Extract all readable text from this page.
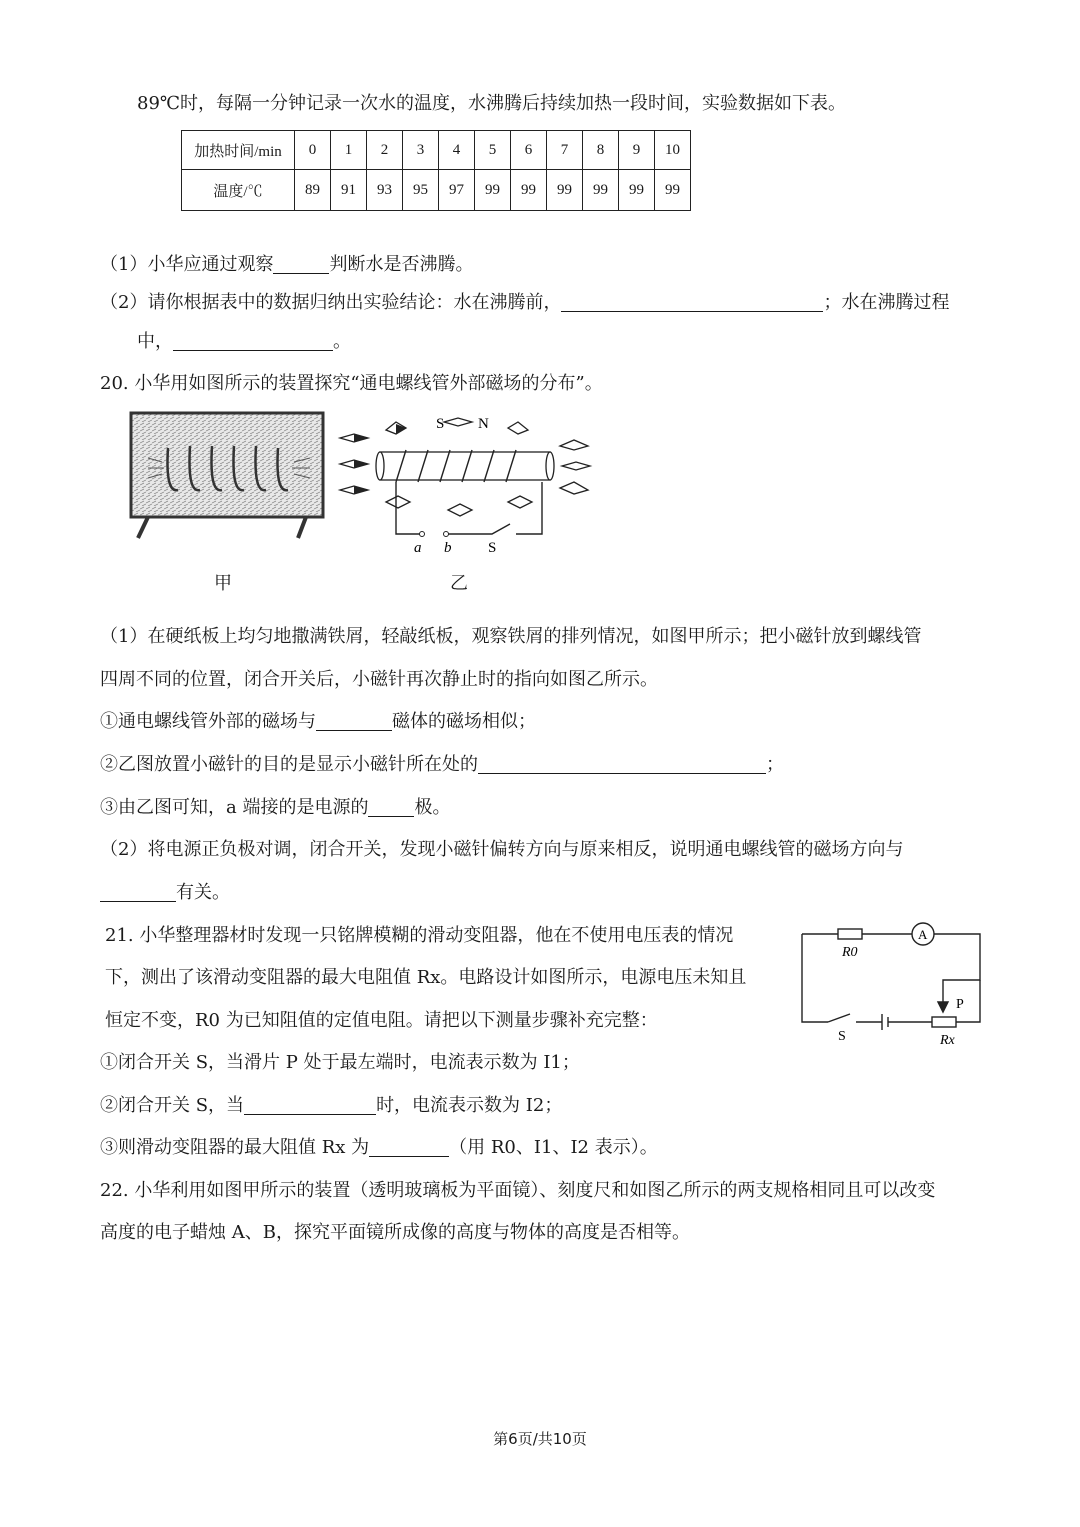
89℃时，每隔一分钟记录一次水的温度，水沸腾后持续加热一段时间，实验数据如下表。
加热时间/min	0	1	2	3	4	5	6	7	8	9	10
温度/℃	89	91	93	95	97	99	99	99	99	99	99
（1）小华应通过观察	判断水是否沸腾。
（2）请你根据表中的数据归纳出实验结论：水在沸腾前，	；水在沸腾过程
中，	。
20. 小华用如图所示的装置探究“通电螺线管外部磁场的分布”。
甲
S N
a b S
乙
（1）在硬纸板上均匀地撒满铁屑，轻敲纸板，观察铁屑的排列情况，如图甲所示；把小磁针放到螺线管
四周不同的位置，闭合开关后，小磁针再次静止时的指向如图乙所示。
①通电螺线管外部的磁场与	磁体的磁场相似；
②乙图放置小磁针的目的是显示小磁针所在处的	；
③由乙图可知，a 端接的是电源的	极。
（2）将电源正负极对调，闭合开关，发现小磁针偏转方向与原来相反，说明通电螺线管的磁场方向与
有关。
21. 小华整理器材时发现一只铭牌模糊的滑动变阻器，他在不使用电压表的情况
下，测出了该滑动变阻器的最大电阻值 Rx。电路设计如图所示，电源电压未知且
恒定不变，R0 为已知阻值的定值电阻。请把以下测量步骤补充完整：
R0
A
P
S	Rx
①闭合开关 S，当滑片 P 处于最左端时，电流表示数为 I1；
②闭合开关 S，当	时，电流表示数为 I2；
③则滑动变阻器的最大阻值 Rx 为	（用 R0、I1、I2 表示）。
22. 小华利用如图甲所示的装置（透明玻璃板为平面镜）、刻度尺和如图乙所示的两支规格相同且可以改变
高度的电子蜡烛 A、B，探究平面镜所成像的高度与物体的高度是否相等。
第6页/共10页
